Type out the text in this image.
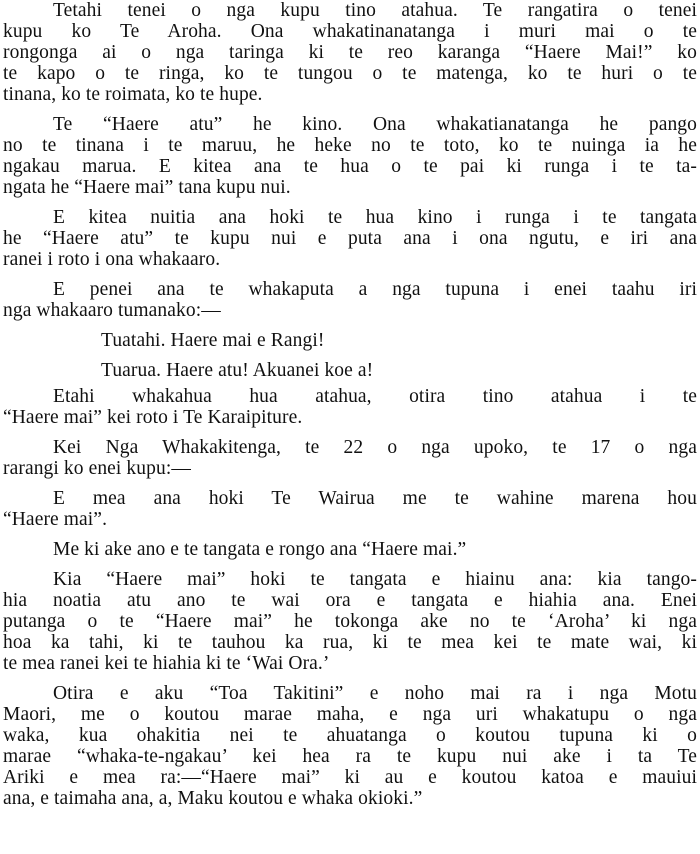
Tetahi tenei o nga kupu tino atahua. Te rangatira o tenei
kupu ko Te Aroha. Ona whakatinanatanga i muri mai o te
rongonga ai o nga taringa ki te reo karanga “Haere Mai!” ko
te kapo o te ringa, ko te tungou o te matenga, ko te huri o te
tinana, ko te roimata, ko te hupe.
Te “Haere atu” he kino. Ona whakatianatanga he pango
no te tinana i te maruu, he heke no te toto, ko te nuinga ia he
ngakau marua. E kitea ana te hua o te pai ki runga i te ta-
ngata he “Haere mai” tana kupu nui.
E kitea nuitia ana hoki te hua kino i runga i te tangata
he “Haere atu” te kupu nui e puta ana i ona ngutu, e iri ana
ranei i roto i ona whakaaro.
E penei ana te whakaputa a nga tupuna i enei taahu iri
nga whakaaro tumanako:—
Tuatahi. Haere mai e Rangi!
Tuarua. Haere atu! Akuanei koe a!
Etahi whakahua hua atahua, otira tino atahua i te
“Haere mai” kei roto i Te Karaipiture.
Kei Nga Whakakitenga, te 22 o nga upoko, te 17 o nga
rarangi ko enei kupu:—
E mea ana hoki Te Wairua me te wahine marena hou
“Haere mai”.
Me ki ake ano e te tangata e rongo ana “Haere mai.”
Kia “Haere mai” hoki te tangata e hiainu ana: kia tango-
hia noatia atu ano te wai ora e tangata e hiahia ana. Enei
putanga o te “Haere mai” he tokonga ake no te ‘Aroha’ ki nga
hoa ka tahi, ki te tauhou ka rua, ki te mea kei te mate wai, ki
te mea ranei kei te hiahia ki te ‘Wai Ora.’
Otira e aku “Toa Takitini” e noho mai ra i nga Motu
Maori, me o koutou marae maha, e nga uri whakatupu o nga
waka, kua ohakitia nei te ahuatanga o koutou tupuna ki o
marae “whaka-te-ngakau’ kei hea ra te kupu nui ake i ta Te
Ariki e mea ra:—“Haere mai” ki au e koutou katoa e mauiui
ana, e taimaha ana, a, Maku koutou e whaka okioki.”
